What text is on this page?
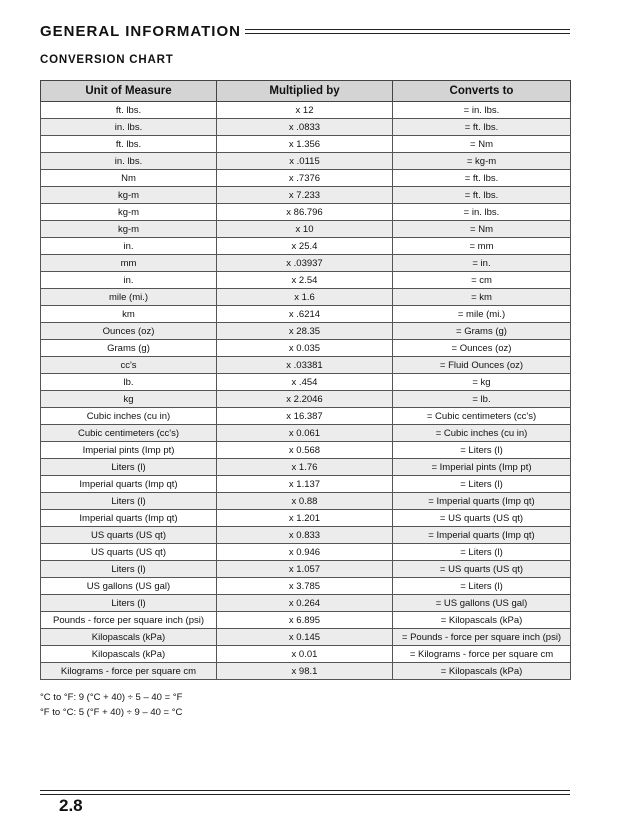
GENERAL INFORMATION
CONVERSION CHART
Unit of Measure	Multiplied by	Converts to
ft. lbs.	x 12	= in. lbs.
in. lbs.	x .0833	= ft. lbs.
ft. lbs.	x 1.356	= Nm
in. lbs.	x .0115	= kg-m
Nm	x .7376	= ft. lbs.
kg-m	x 7.233	= ft. lbs.
kg-m	x 86.796	= in. lbs.
kg-m	x 10	= Nm
in.	x 25.4	= mm
mm	x .03937	= in.
in.	x 2.54	= cm
mile (mi.)	x 1.6	= km
km	x .6214	= mile (mi.)
Ounces (oz)	x 28.35	= Grams (g)
Grams (g)	x 0.035	= Ounces (oz)
cc's	x .03381	= Fluid Ounces (oz)
lb.	x .454	= kg
kg	x 2.2046	= lb.
Cubic inches (cu in)	x 16.387	= Cubic centimeters (cc's)
Cubic centimeters (cc's)	x 0.061	= Cubic inches (cu in)
Imperial pints (Imp pt)	x 0.568	= Liters (l)
Liters (l)	x 1.76	= Imperial pints (Imp pt)
Imperial quarts (Imp qt)	x 1.137	= Liters (l)
Liters (l)	x 0.88	= Imperial quarts (Imp qt)
Imperial quarts (Imp qt)	x 1.201	= US quarts (US qt)
US quarts (US qt)	x 0.833	= Imperial quarts (Imp qt)
US quarts (US qt)	x 0.946	= Liters (l)
Liters (l)	x 1.057	= US quarts (US qt)
US gallons (US gal)	x 3.785	= Liters (l)
Liters (l)	x 0.264	= US gallons (US gal)
Pounds - force per square inch (psi)	x 6.895	= Kilopascals (kPa)
Kilopascals (kPa)	x 0.145	= Pounds - force per square inch (psi)
Kilopascals (kPa)	x 0.01	= Kilograms - force per square cm
Kilograms - force per square cm	x 98.1	= Kilopascals (kPa)
°C to °F: 9 (°C + 40) ÷ 5 – 40 = °F
°F to °C: 5 (°F + 40) ÷ 9 – 40 = °C
2.8
